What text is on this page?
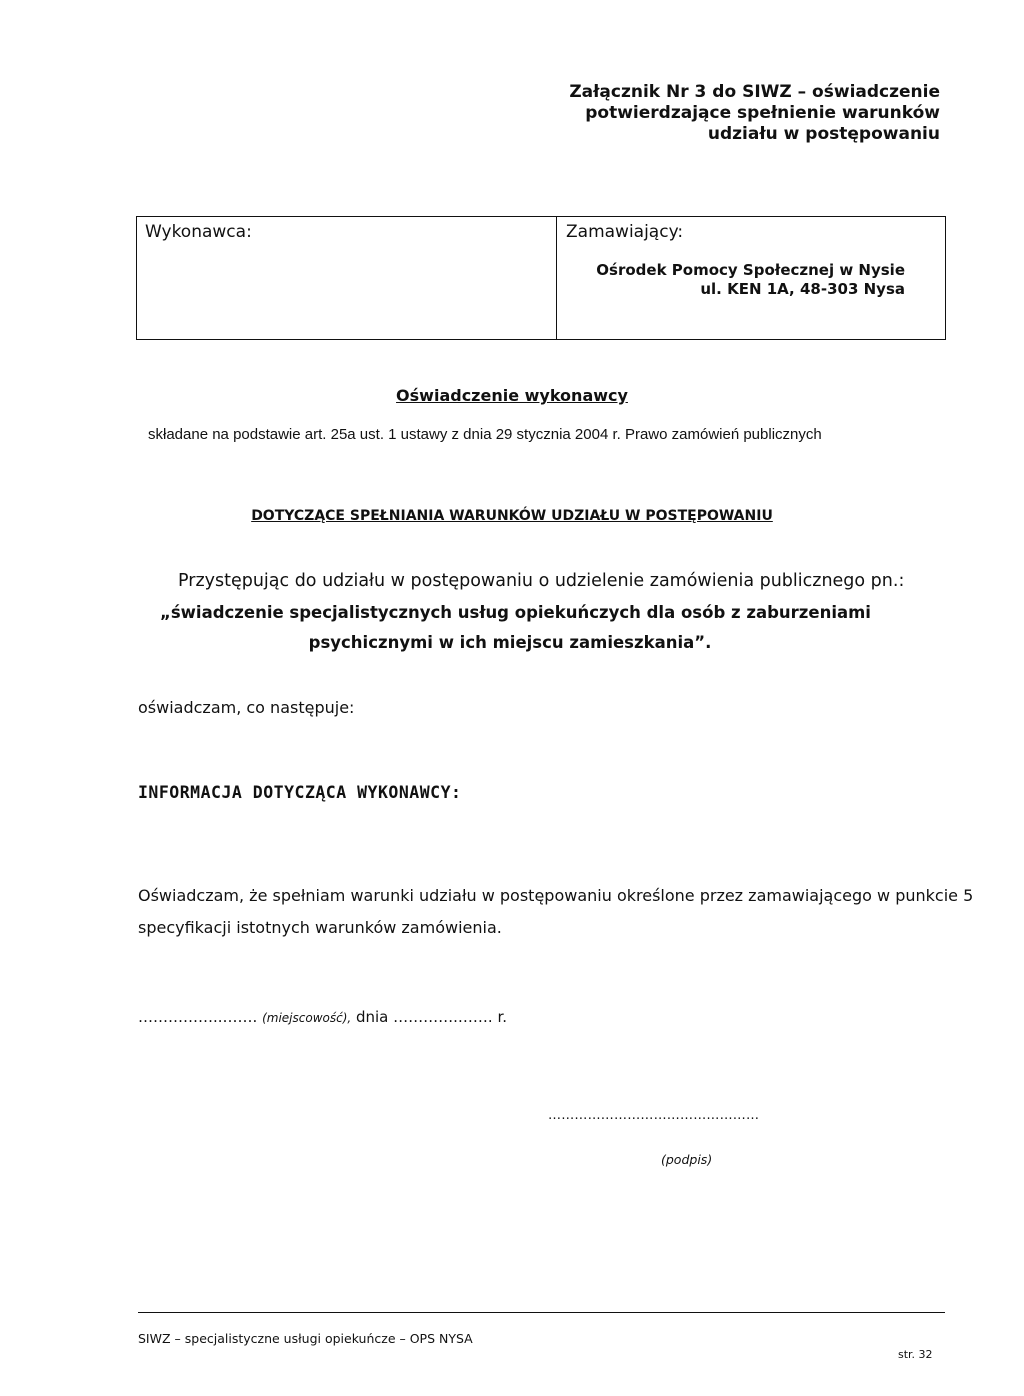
Załącznik Nr 3 do SIWZ – oświadczenie
potwierdzające spełnienie warunków
udziału w postępowaniu
Wykonawca:	Zamawiający:
Ośrodek Pomocy Społecznej w Nysie
ul. KEN 1A, 48-303 Nysa
Oświadczenie wykonawcy
składane na podstawie art. 25a ust. 1 ustawy z dnia 29 stycznia 2004 r. Prawo zamówień publicznych
DOTYCZĄCE SPEŁNIANIA WARUNKÓW UDZIAŁU W POSTĘPOWANIU
Przystępując do udziału w postępowaniu o udzielenie zamówienia publicznego pn.:
„świadczenie specjalistycznych usług opiekuńczych dla osób z zaburzeniami
psychicznymi w ich miejscu zamieszkania”.
oświadczam, co następuje:
INFORMACJA DOTYCZĄCA WYKONAWCY:
Oświadczam, że spełniam warunki udziału w postępowaniu określone przez zamawiającego w punkcie 5
specyfikacji istotnych warunków zamówienia.
……………..……. (miejscowość), dnia ………….……. r.
…………………………………………
(podpis)
SIWZ – specjalistyczne usługi opiekuńcze – OPS NYSA
str. 32
